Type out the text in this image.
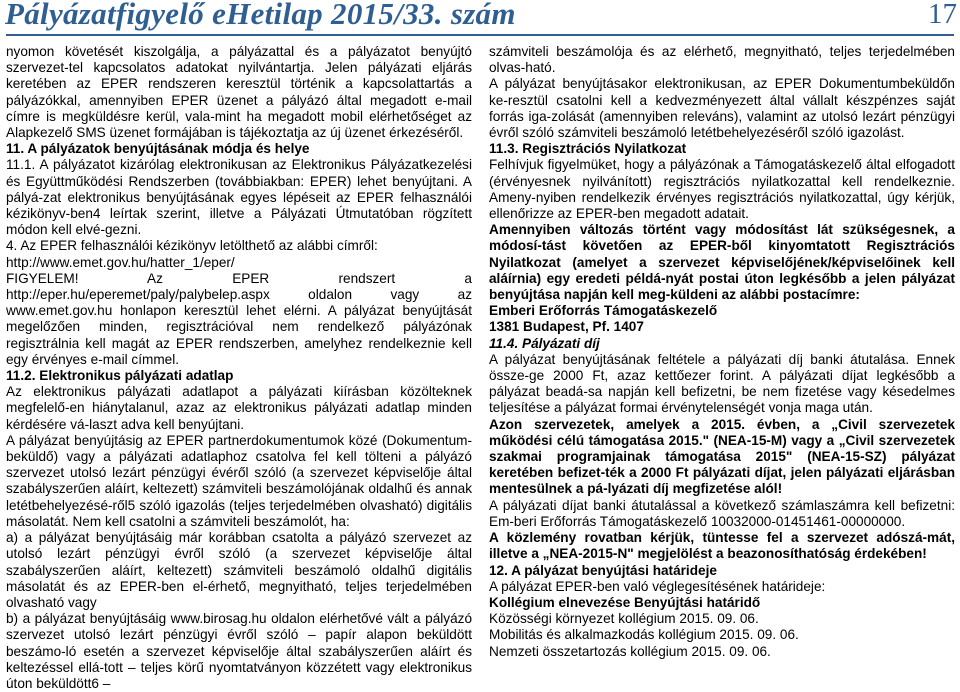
Pályázatfigyelő eHetilap 2015/33. szám	17

nyomon követését kiszolgálja, a pályázattal és a pályázatot benyújtó szervezet-tel kapcsolatos adatokat nyilvántartja. Jelen pályázati eljárás keretében az EPER rendszeren keresztül történik a kapcsolattartás a pályázókkal, amennyiben EPER üzenet a pályázó által megadott e-mail címre is megküldésre kerül, vala-mint ha megadott mobil elérhetőséget az Alapkezelő SMS üzenet formájában is tájékoztatja az új üzenet érkezéséről.

11. A pályázatok benyújtásának módja és helye

11.1. A pályázatot kizárólag elektronikusan az Elektronikus Pályázatkezelési és Együttműködési Rendszerben (továbbiakban: EPER) lehet benyújtani. A pályá-zat elektronikus benyújtásának egyes lépéseit az EPER felhasználói kézikönyv-ben4 leírtak szerint, illetve a Pályázati Útmutatóban rögzített módon kell elvé-gezni.

4. Az EPER felhasználói kézikönyv letölthető az alábbi címről:

http://www.emet.gov.hu/hatter_1/eper/

FIGYELEM! Az EPER rendszert a http://eper.hu/eperemet/paly/palybelep.aspx oldalon vagy az www.emet.gov.hu honlapon keresztül lehet elérni. A pályázat benyújtását megelőzően minden, regisztrációval nem rendelkező pályázónak regisztrálnia kell magát az EPER rendszerben, amelyhez rendelkeznie kell egy érvényes e-mail címmel.

11.2. Elektronikus pályázati adatlap

Az elektronikus pályázati adatlapot a pályázati kiírásban közölteknek megfelelő-en hiánytalanul, azaz az elektronikus pályázati adatlap minden kérdésére vá-laszt adva kell benyújtani.

A pályázat benyújtásig az EPER partnerdokumentumok közé (Dokumentum-beküldő) vagy a pályázati adatlaphoz csatolva fel kell tölteni a pályázó szervezet utolsó lezárt pénzügyi évéről szóló (a szervezet képviselője által szabályszerűen aláírt, keltezett) számviteli beszámolójának oldalhű és annak letétbehelyezésé-ről5 szóló igazolás (teljes terjedelmében olvasható) digitális másolatát. Nem kell csatolni a számviteli beszámolót, ha:

a) a pályázat benyújtásáig már korábban csatolta a pályázó szervezet az utolsó lezárt pénzügyi évről szóló (a szervezet képviselője által szabályszerűen aláírt, keltezett) számviteli beszámoló oldalhű digitális másolatát és az EPER-ben el-érhető, megnyitható, teljes terjedelmében olvasható vagy

b) a pályázat benyújtásáig www.birosag.hu oldalon elérhetővé vált a pályázó szervezet utolsó lezárt pénzügyi évről szóló – papír alapon beküldött beszámo-ló esetén a szervezet képviselője által szabályszerűen aláírt és keltezéssel ellá-tott – teljes körű nyomtatványon közzétett vagy elektronikus úton beküldött6 –

számviteli beszámolója és az elérhető, megnyitható, teljes terjedelmében olvas-ható.

A pályázat benyújtásakor elektronikusan, az EPER Dokumentumbeküldőn ke-resztül csatolni kell a kedvezményezett által vállalt készpénzes saját forrás iga-zolását (amennyiben releváns), valamint az utolsó lezárt pénzügyi évről szóló számviteli beszámoló letétbehelyezéséről szóló igazolást.

11.3. Regisztrációs Nyilatkozat

Felhívjuk figyelmüket, hogy a pályázónak a Támogatáskezelő által elfogadott (érvényesnek nyilvánított) regisztrációs nyilatkozattal kell rendelkeznie. Ameny-nyiben rendelkezik érvényes regisztrációs nyilatkozattal, úgy kérjük, ellenőrizze az EPER-ben megadott adatait.

Amennyiben változás történt vagy módosítást lát szükségesnek, a módosí-tást követően az EPER-ből kinyomtatott Regisztrációs Nyilatkozat (amelyet a szervezet képviselőjének/képviselőinek kell aláírnia) egy eredeti példá-nyát postai úton legkésőbb a jelen pályázat benyújtása napján kell meg-küldeni az alábbi postacímre:

Emberi Erőforrás Támogatáskezelő

1381 Budapest, Pf. 1407

11.4. Pályázati díj

A pályázat benyújtásának feltétele a pályázati díj banki átutalása. Ennek össze-ge 2000 Ft, azaz kettőezer forint. A pályázati díjat legkésőbb a pályázat beadá-sa napján kell befizetni, be nem fizetése vagy késedelmes teljesítése a pályázat formai érvénytelenségét vonja maga után.

Azon szervezetek, amelyek a 2015. évben, a „Civil szervezetek működési célú támogatása 2015." (NEA-15-M) vagy a „Civil szervezetek szakmai programjainak támogatása 2015" (NEA-15-SZ) pályázat keretében befizet-ték a 2000 Ft pályázati díjat, jelen pályázati eljárásban mentesülnek a pá-lyázati díj megfizetése alól!

A pályázati díjat banki átutalással a következő számlaszámra kell befizetni: Em-beri Erőforrás Támogatáskezelő 10032000-01451461-00000000.

A közlemény rovatban kérjük, tüntesse fel a szervezet adószá-mát, illetve a „NEA-2015-N" megjelölést a beazonosíthatóság érdekében!

12. A pályázat benyújtási határideje

A pályázat EPER-ben való véglegesítésének határideje:

Kollégium elnevezése Benyújtási határidő

Közösségi környezet kollégium 2015. 09. 06.

Mobilitás és alkalmazkodás kollégium 2015. 09. 06.

Nemzeti összetartozás kollégium 2015. 09. 06.
